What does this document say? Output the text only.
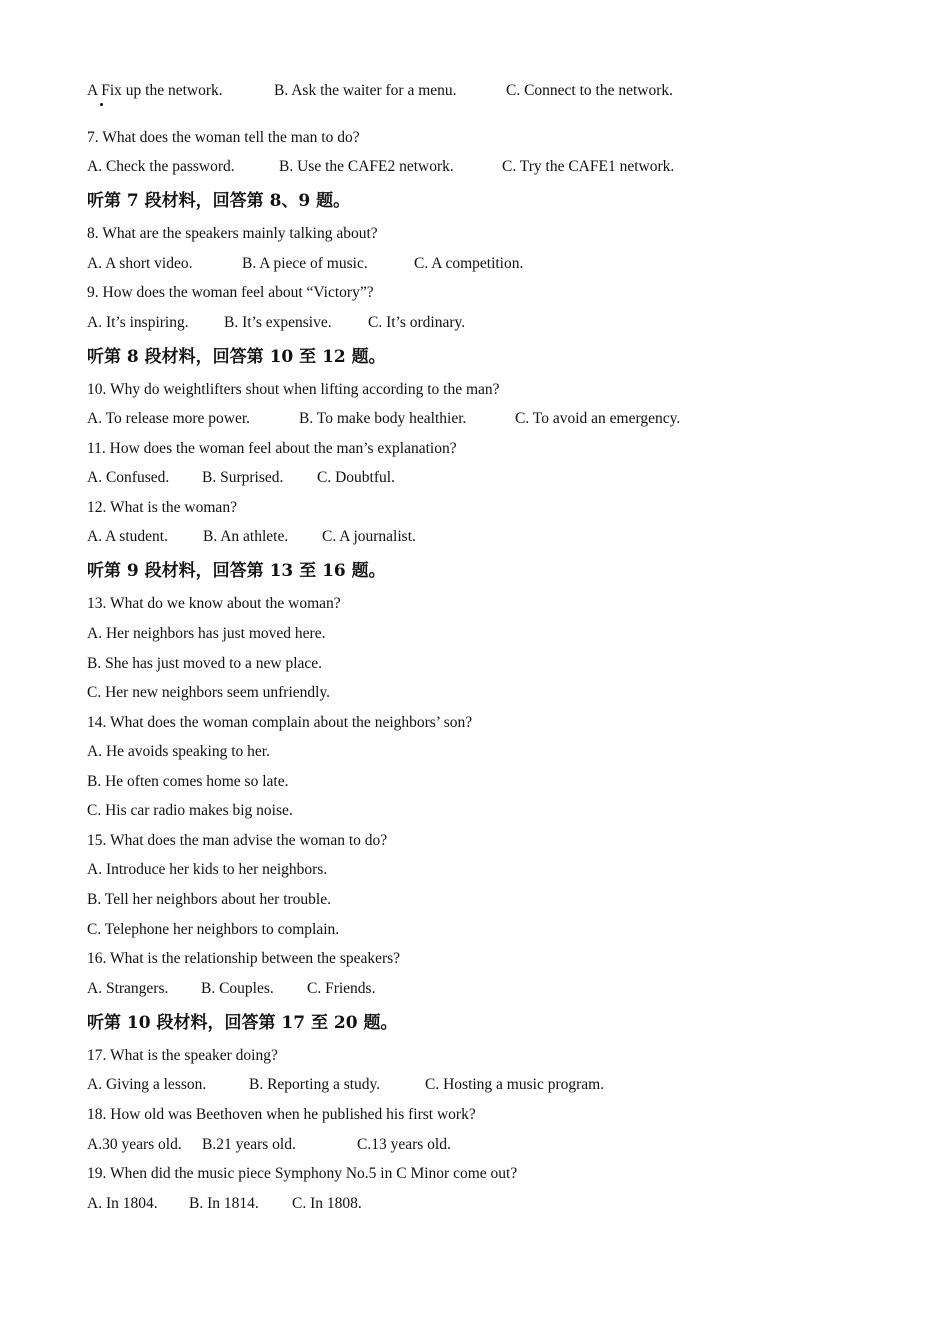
A Fix up the network.	B. Ask the waiter for a menu.	C. Connect to the network.
7. What does the woman tell the man to do?
A. Check the password.	B. Use the CAFE2 network.	C. Try the CAFE1 network.
听第 7 段材料，回答第 8、9 题。
8. What are the speakers mainly talking about?
A. A short video.	B. A piece of music.	C. A competition.
9. How does the woman feel about “Victory”?
A. It’s inspiring. B. It’s expensive. C. It’s ordinary.
听第 8 段材料，回答第 10 至 12 题。
10. Why do weightlifters shout when lifting according to the man?
A. To release more power.	B. To make body healthier.	C. To avoid an emergency.
11. How does the woman feel about the man’s explanation?
A. Confused. B. Surprised. C. Doubtful.
12. What is the woman?
A. A student. B. An athlete. C. A journalist.
听第 9 段材料，回答第 13 至 16 题。
13. What do we know about the woman?
A. Her neighbors has just moved here.
B. She has just moved to a new place.
C. Her new neighbors seem unfriendly.
14. What does the woman complain about the neighbors’ son?
A. He avoids speaking to her.
B. He often comes home so late.
C. His car radio makes big noise.
15. What does the man advise the woman to do?
A. Introduce her kids to her neighbors.
B. Tell her neighbors about her trouble.
C. Telephone her neighbors to complain.
16. What is the relationship between the speakers?
A. Strangers. B. Couples. C. Friends.
听第 10 段材料，回答第 17 至 20 题。
17. What is the speaker doing?
A. Giving a lesson.	B. Reporting a study.	C. Hosting a music program.
18. How old was Beethoven when he published his first work?
A.30 years old. B.21 years old.	C.13 years old.
19. When did the music piece Symphony No.5 in C Minor come out?
A. In 1804. B. In 1814. C. In 1808.
